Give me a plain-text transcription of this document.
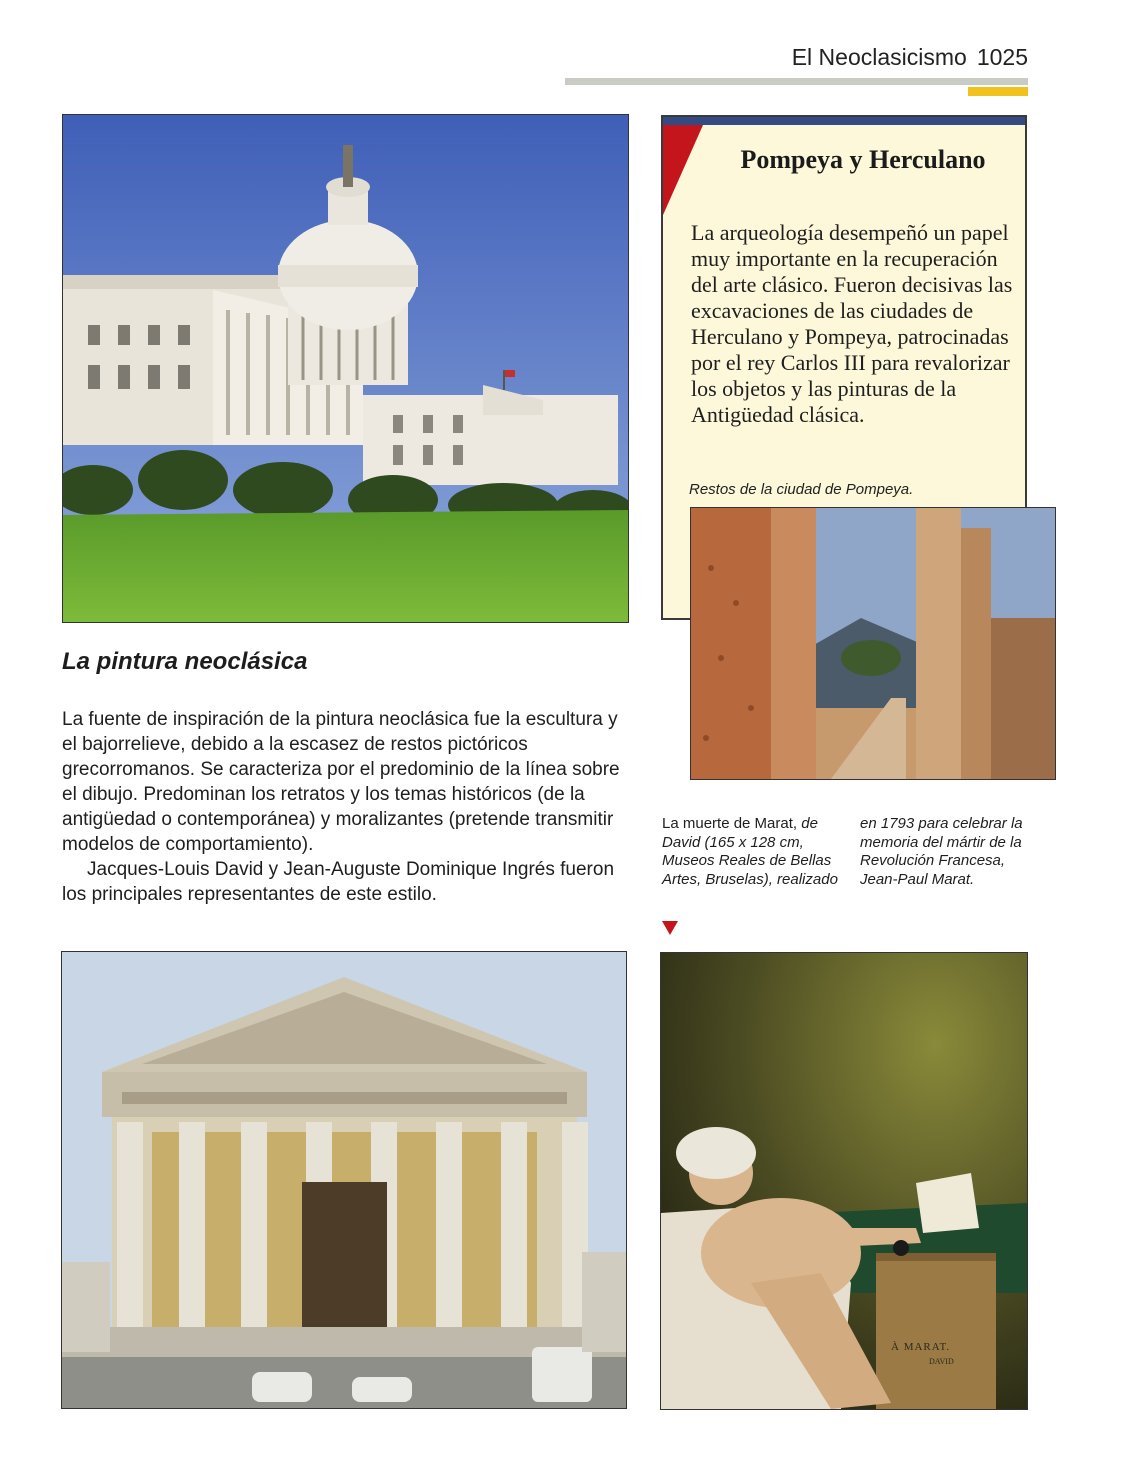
El Neoclasicismo 1025
Pompeya y Herculano
La arqueología desempeñó un papel muy importante en la recuperación del arte clásico. Fueron decisivas las excavaciones de las ciudades de Herculano y Pompeya, patrocinadas por el rey Carlos III para revalorizar los objetos y las pinturas de la Antigüedad clásica.
Restos de la ciudad de Pompeya.
La pintura neoclásica

La fuente de inspiración de la pintura neoclásica fue la escultura y el bajorrelieve, debido a la escasez de restos pictóricos grecorromanos. Se caracteriza por el predominio de la línea sobre el dibujo. Predominan los retratos y los temas históricos (de la antigüedad o contemporánea) y moralizantes (pretende transmitir modelos de comportamiento).

Jacques-Louis David y Jean-Auguste Dominique Ingrés fueron los principales representantes de este estilo.

La muerte de Marat, de David (165 x 128 cm, Museos Reales de Bellas Artes, Bruselas), realizado
en 1793 para celebrar la memoria del mártir de la Revolución Francesa, Jean-Paul Marat.
À MARAT.
DAVID
